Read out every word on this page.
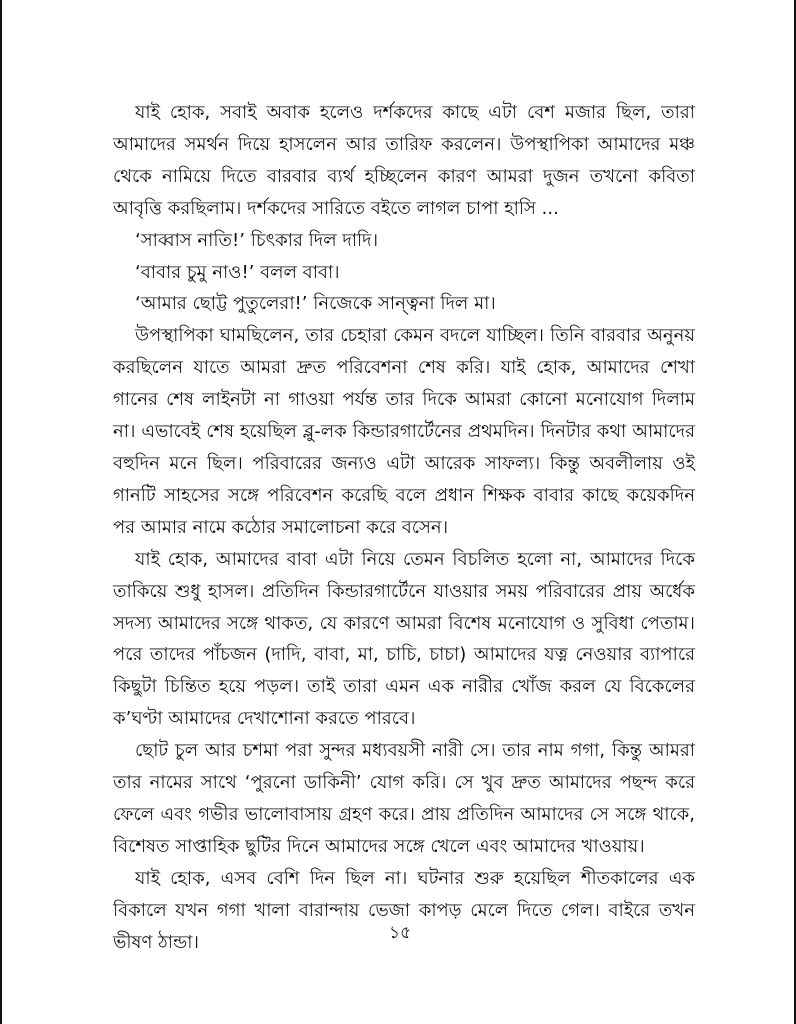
যাই হোক, সবাই অবাক হলেও দর্শকদের কাছে এটা বেশ মজার ছিল, তারা আমাদের সমর্থন দিয়ে হাসলেন আর তারিফ করলেন। উপস্থাপিকা আমাদের মঞ্চ থেকে নামিয়ে দিতে বারবার ব্যর্থ হচ্ছিলেন কারণ আমরা দুজন তখনো কবিতা আবৃত্তি করছিলাম। দর্শকদের সারিতে বইতে লাগল চাপা হাসি ...

‘সাব্বাস নাতি!’ চিৎকার দিল দাদি।

‘বাবার চুমু নাও!’ বলল বাবা।

‘আমার ছোট্ট পুতুলেরা!’ নিজেকে সান্ত্বনা দিল মা।

উপস্থাপিকা ঘামছিলেন, তার চেহারা কেমন বদলে যাচ্ছিল। তিনি বারবার অনুনয় করছিলেন যাতে আমরা দ্রুত পরিবেশনা শেষ করি। যাই হোক, আমাদের শেখা গানের শেষ লাইনটা না গাওয়া পর্যন্ত তার দিকে আমরা কোনো মনোযোগ দিলাম না। এভাবেই শেষ হয়েছিল ব্লু-লক কিন্ডারগার্টেনের প্রথমদিন। দিনটার কথা আমাদের বহুদিন মনে ছিল। পরিবারের জন্যও এটা আরেক সাফল্য। কিন্তু অবলীলায় ওই গানটি সাহসের সঙ্গে পরিবেশন করেছি বলে প্রধান শিক্ষক বাবার কাছে কয়েকদিন পর আমার নামে কঠোর সমালোচনা করে বসেন।

যাই হোক, আমাদের বাবা এটা নিয়ে তেমন বিচলিত হলো না, আমাদের দিকে তাকিয়ে শুধু হাসল। প্রতিদিন কিন্ডারগার্টেনে যাওয়ার সময় পরিবারের প্রায় অর্ধেক সদস্য আমাদের সঙ্গে থাকত, যে কারণে আমরা বিশেষ মনোযোগ ও সুবিধা পেতাম। পরে তাদের পাঁচজন (দাদি, বাবা, মা, চাচি, চাচা) আমাদের যত্ন নেওয়ার ব্যাপারে কিছুটা চিন্তিত হয়ে পড়ল। তাই তারা এমন এক নারীর খোঁজ করল যে বিকেলের ক’ঘণ্টা আমাদের দেখাশোনা করতে পারবে।

ছোট চুল আর চশমা পরা সুন্দর মধ্যবয়সী নারী সে। তার নাম গগা, কিন্তু আমরা তার নামের সাথে ‘পুরনো ডাকিনী’ যোগ করি। সে খুব দ্রুত আমাদের পছন্দ করে ফেলে এবং গভীর ভালোবাসায় গ্রহণ করে। প্রায় প্রতিদিন আমাদের সে সঙ্গে থাকে, বিশেষত সাপ্তাহিক ছুটির দিনে আমাদের সঙ্গে খেলে এবং আমাদের খাওয়ায়।

যাই হোক, এসব বেশি দিন ছিল না। ঘটনার শুরু হয়েছিল শীতকালের এক বিকালে যখন গগা খালা বারান্দায় ভেজা কাপড় মেলে দিতে গেল। বাইরে তখন ভীষণ ঠান্ডা।	১৫
